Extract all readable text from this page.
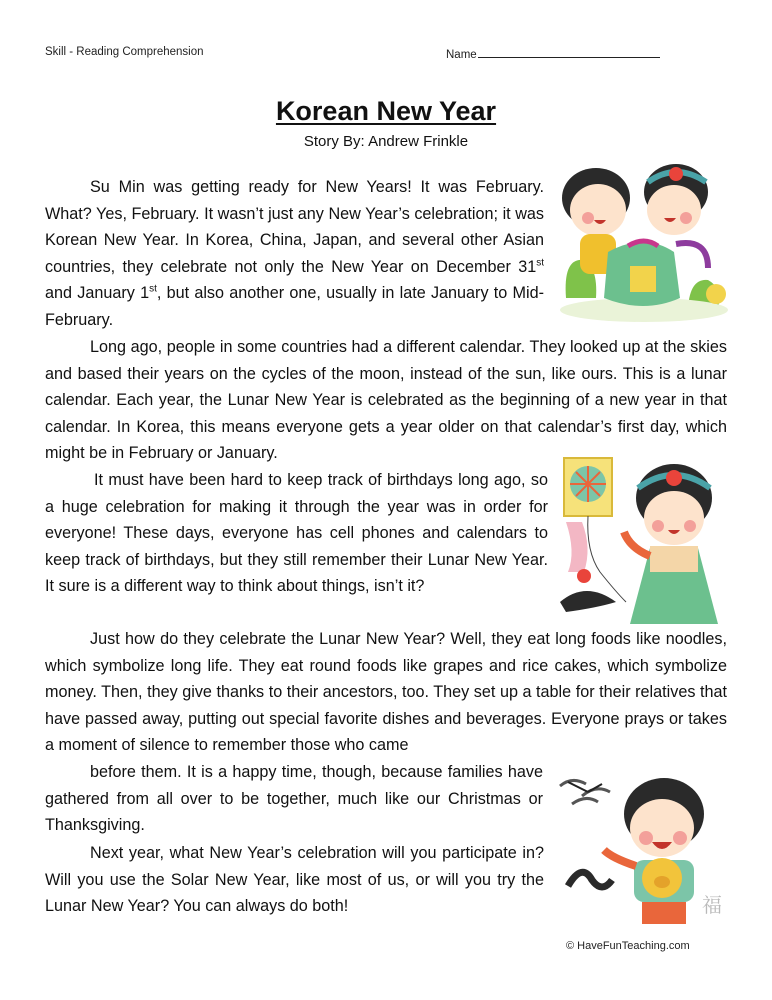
Skill - Reading Comprehension	Name
Korean New Year
Story By: Andrew Frinkle

Su Min was getting ready for New Years! It was February. What? Yes, February. It wasn’t just any New Year’s celebration; it was Korean New Year. In Korea, China, Japan, and several other Asian countries, they celebrate not only the New Year on December 31st and January 1st, but also another one, usually in late January to Mid-February.

Long ago, people in some countries had a different calendar. They looked up at the skies and based their years on the cycles of the moon, instead of the sun, like ours. This is a lunar calendar. Each year, the Lunar New Year is celebrated as the beginning of a new year in that calendar. In Korea, this means everyone gets a year older on that calendar’s first day, which might be in February or January.

It must have been hard to keep track of birthdays long ago, so a huge celebration for making it through the year was in order for everyone! These days, everyone has cell phones and calendars to keep track of birthdays, but they still remember their Lunar New Year. It sure is a different way to think about things, isn’t it?

Just how do they celebrate the Lunar New Year? Well, they eat long foods like noodles, which symbolize long life. They eat round foods like grapes and rice cakes, which symbolize money. Then, they give thanks to their ancestors, too. They set up a table for their relatives that have passed away, putting out special favorite dishes and beverages. Everyone prays or takes a moment of silence to remember those who came
before them. It is a happy time, though, because families have gathered from all over to be together, much like our Christmas or Thanksgiving.

Next year, what New Year’s celebration will you participate in? Will you use the Solar New Year, like most of us, or will you try the Lunar New Year? You can always do both!	福
© HaveFunTeaching.com
